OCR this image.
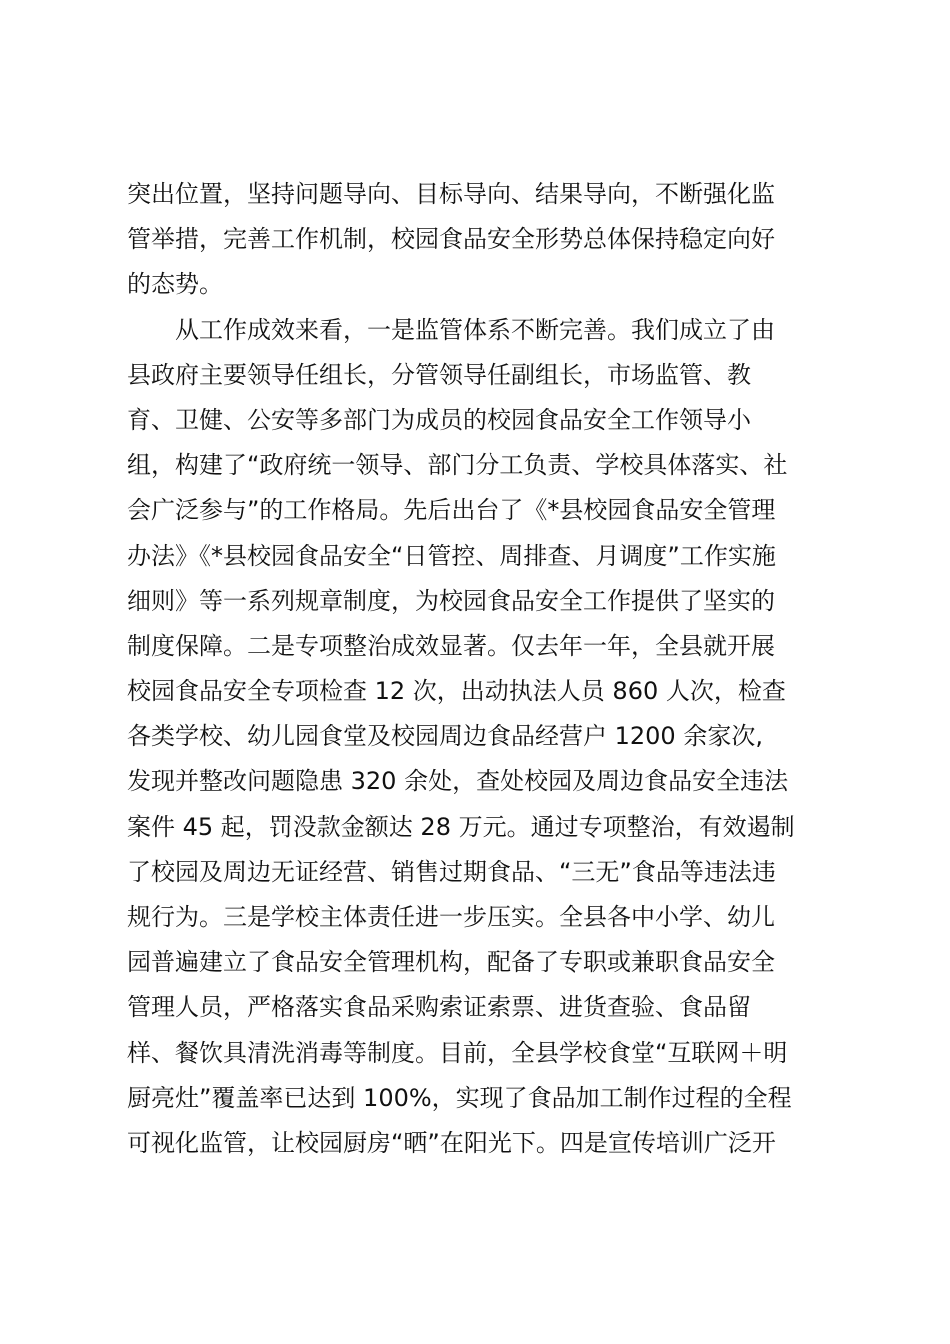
突出位置，坚持问题导向、目标导向、结果导向，不断强化监
管举措，完善工作机制，校园食品安全形势总体保持稳定向好
的态势。
从工作成效来看，一是监管体系不断完善。我们成立了由
县政府主要领导任组长，分管领导任副组长，市场监管、教
育、卫健、公安等多部门为成员的校园食品安全工作领导小
组，构建了“政府统一领导、部门分工负责、学校具体落实、社
会广泛参与”的工作格局。先后出台了《*县校园食品安全管理
办法》《*县校园食品安全“日管控、周排查、月调度”工作实施
细则》等一系列规章制度，为校园食品安全工作提供了坚实的
制度保障。二是专项整治成效显著。仅去年一年，全县就开展
校园食品安全专项检查 12 次，出动执法人员 860 人次，检查
各类学校、幼儿园食堂及校园周边食品经营户 1200 余家次,
发现并整改问题隐患 320 余处，查处校园及周边食品安全违法
案件 45 起，罚没款金额达 28 万元。通过专项整治，有效遏制
了校园及周边无证经营、销售过期食品、“三无”食品等违法违
规行为。三是学校主体责任进一步压实。全县各中小学、幼儿
园普遍建立了食品安全管理机构，配备了专职或兼职食品安全
管理人员，严格落实食品采购索证索票、进货查验、食品留
样、餐饮具清洗消毒等制度。目前，全县学校食堂“互联网＋明
厨亮灶”覆盖率已达到 100%，实现了食品加工制作过程的全程
可视化监管，让校园厨房“晒”在阳光下。四是宣传培训广泛开
